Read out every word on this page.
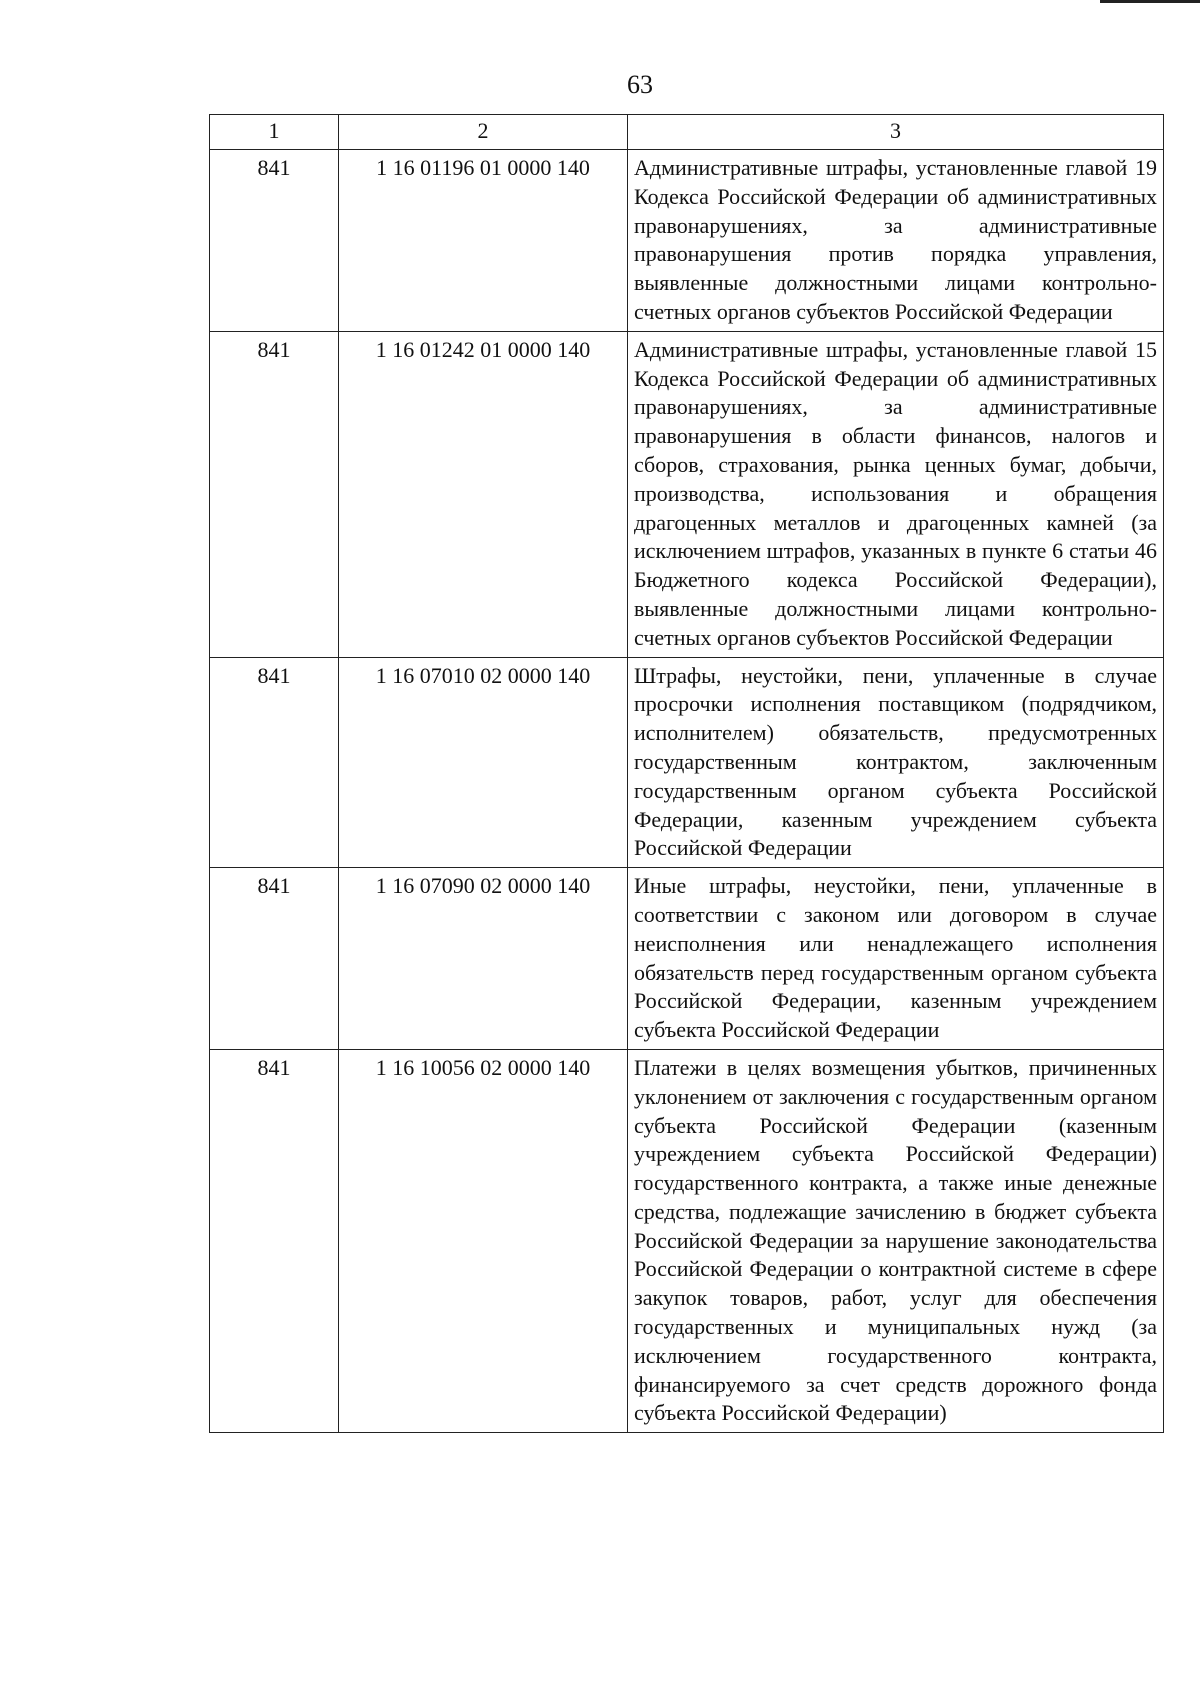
63
1	2	3
841	1 16 01196 01 0000 140	Административные штрафы, установленные главой 19 Кодекса Российской Федерации об административных правонарушениях, за административные правонарушения против порядка управления, выявленные должностными лицами контрольно-счетных органов субъектов Российской Федерации
841	1 16 01242 01 0000 140	Административные штрафы, установленные главой 15 Кодекса Российской Федерации об административных правонарушениях, за административные правонарушения в области финансов, налогов и сборов, страхования, рынка ценных бумаг, добычи, производства, использования и обращения драгоценных металлов и драгоценных камней (за исключением штрафов, указанных в пункте 6 статьи 46 Бюджетного кодекса Российской Федерации), выявленные должностными лицами контрольно-счетных органов субъектов Российской Федерации
841	1 16 07010 02 0000 140	Штрафы, неустойки, пени, уплаченные в случае просрочки исполнения поставщиком (подрядчиком, исполнителем) обязательств, предусмотренных государственным контрактом, заключенным государственным органом субъекта Российской Федерации, казенным учреждением субъекта Российской Федерации
841	1 16 07090 02 0000 140	Иные штрафы, неустойки, пени, уплаченные в соответствии с законом или договором в случае неисполнения или ненадлежащего исполнения обязательств перед государственным органом субъекта Российской Федерации, казенным учреждением субъекта Российской Федерации
841	1 16 10056 02 0000 140	Платежи в целях возмещения убытков, причиненных уклонением от заключения с государственным органом субъекта Российской Федерации (казенным учреждением субъекта Российской Федерации) государственного контракта, а также иные денежные средства, подлежащие зачислению в бюджет субъекта Российской Федерации за нарушение законодательства Российской Федерации о контрактной системе в сфере закупок товаров, работ, услуг для обеспечения государственных и муниципальных нужд (за исключением государственного контракта, финансируемого за счет средств дорожного фонда субъекта Российской Федерации)
